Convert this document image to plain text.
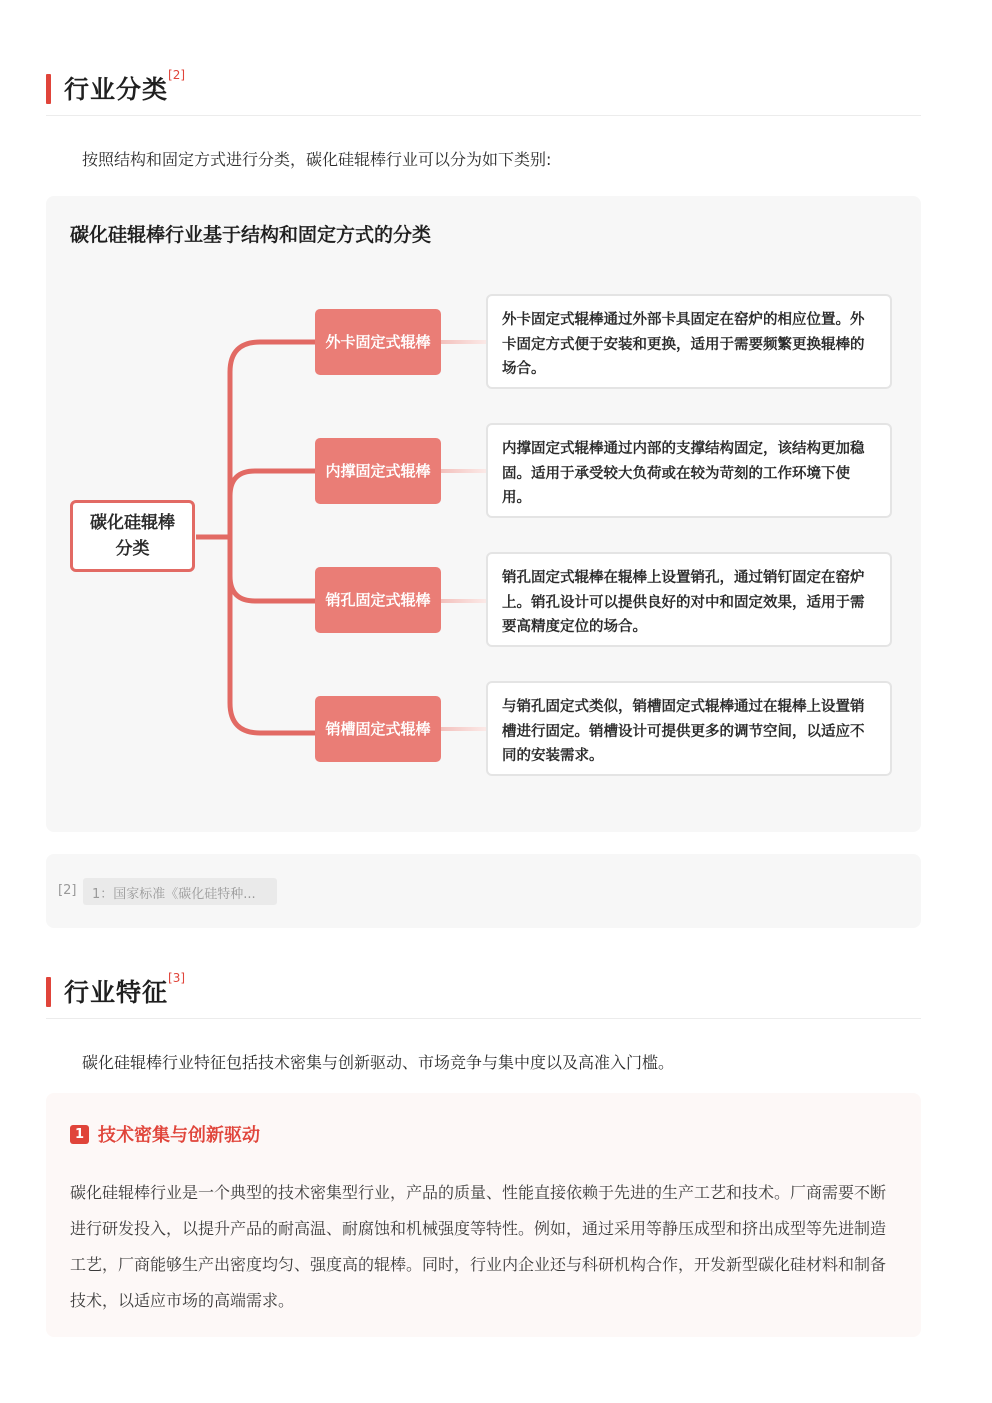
行业分类[2]
按照结构和固定方式进行分类，碳化硅辊棒行业可以分为如下类别:
碳化硅辊棒行业基于结构和固定方式的分类
碳化硅辊棒分类
外卡固定式辊棒
内撑固定式辊棒
销孔固定式辊棒
销槽固定式辊棒
外卡固定式辊棒通过外部卡具固定在窑炉的相应位置。外卡固定方式便于安装和更换，适用于需要频繁更换辊棒的场合。
内撑固定式辊棒通过内部的支撑结构固定，该结构更加稳固。适用于承受较大负荷或在较为苛刻的工作环境下使用。
销孔固定式辊棒在辊棒上设置销孔，通过销钉固定在窑炉上。销孔设计可以提供良好的对中和固定效果，适用于需要高精度定位的场合。
与销孔固定式类似，销槽固定式辊棒通过在辊棒上设置销槽进行固定。销槽设计可提供更多的调节空间，以适应不同的安装需求。
[2]	1：国家标准《碳化硅特种...
行业特征[3]
碳化硅辊棒行业特征包括技术密集与创新驱动、市场竞争与集中度以及高准入门槛。
1 技术密集与创新驱动
碳化硅辊棒行业是一个典型的技术密集型行业，产品的质量、性能直接依赖于先进的生产工艺和技术。厂商需要不断进行研发投入，以提升产品的耐高温、耐腐蚀和机械强度等特性。例如，通过采用等静压成型和挤出成型等先进制造工艺，厂商能够生产出密度均匀、强度高的辊棒。同时，行业内企业还与科研机构合作，开发新型碳化硅材料和制备技术，以适应市场的高端需求。
